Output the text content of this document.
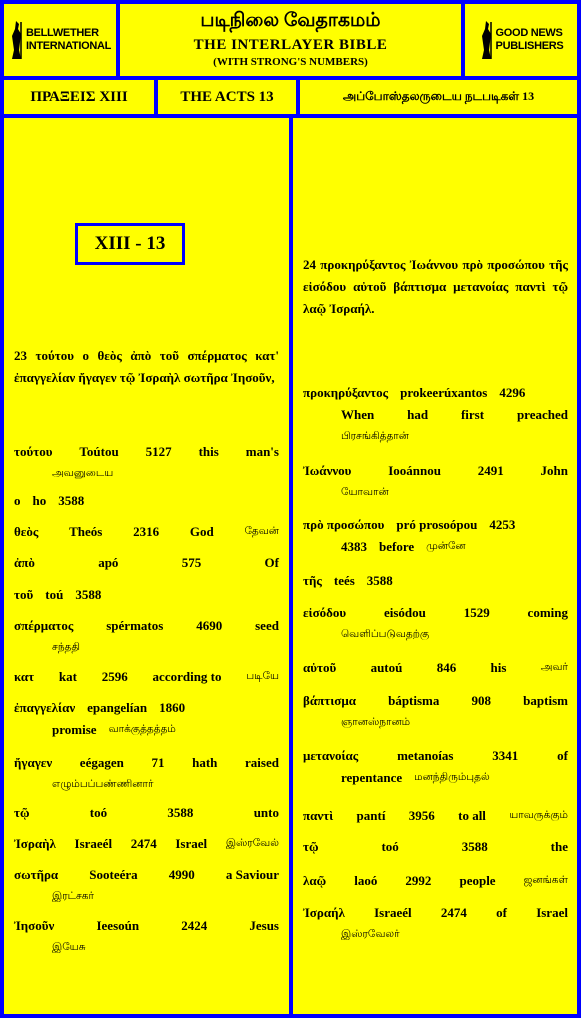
BELLWETHER
INTERNATIONAL
படிநிலை வேதாகமம்
THE INTERLAYER BIBLE
(WITH STRONG'S NUMBERS)
GOOD NEWS
PUBLISHERS
ΠΡΑΞΕΙΣ XIII	THE ACTS 13	அப்போஸ்தலருடைய நடபடிகள் 13
XIII - 13
23 τούτου ο θεὸς ἀπὸ τοῦ σπέρματος κατ' ἐπαγγελίαν ἤγαγεν τῷ Ἰσραὴλ σωτῆρα Ἰησοῦν,
24 προκηρύξαντος Ἰωάννου πρὸ προσώπου τῆς εἰσόδου αὐτοῦ βάπτισμα μετανοίας παντὶ τῷ λαῷ Ἰσραήλ.
τούτου Toútou 5127 this man's
அவனுடைய
ο ho 3588
θεὸς Theós 2316 God	தேவன்
ἀπὸ	apó	575	Of
τοῦ toú 3588
σπέρματος	spérmatos	4690	seed
சந்ததி
κατ kat 2596 according to படியே
ἐπαγγελίαν epangelían 1860
promise வாக்குத்தத்தம்
ἤγαγεν eégagen 71 hath raised
எழும்பப்பண்ணினார்
τῷ	toó	3588	unto
Ἰσραὴλ Israeél 2474 Israel இஸ்ரவேல்
σωτῆρα Sooteéra 4990 a Saviour
இரட்சகர்
Ἰησοῦν	Ieesoún	2424	Jesus
இயேசு
προκηρύξαντος prokeerúxantos 4296
When	had	first	preached
பிரசங்கித்தான்
Ἰωάννου	Iooánnou	2491	John
யோவான்
πρὸ προσώπου pró prosoópou 4253
4383 before முன்னே
τῆς teés 3588
εἰσόδου	eisódou	1529	coming
வெளிப்படுவதற்கு
αὐτοῦ	autoú	846	his	அவர்
βάπτισμα báptisma 908 baptism
ஞானஸ்நானம்
μετανοίας	metanoías	3341	of
repentance மனந்திரும்புதல்
παντὶ pantí 3956 to all யாவருக்கும்
τῷ	toó	3588	the
λαῷ laoó 2992 people	ஜனங்கள்
Ἰσραήλ Israeél 2474 of Israel
இஸ்ரவேலர்
